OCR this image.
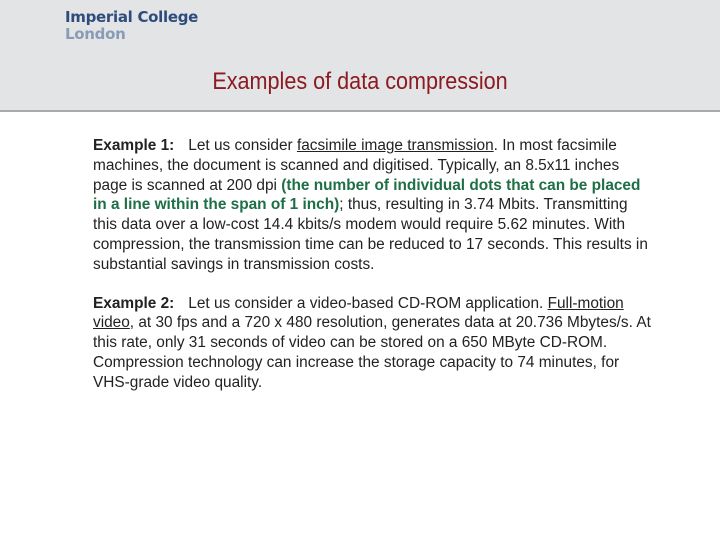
Imperial College
London
Examples of data compression

Example 1: Let us consider facsimile image transmission. In most facsimile machines, the document is scanned and digitised. Typically, an 8.5x11 inches page is scanned at 200 dpi (the number of individual dots that can be placed in a line within the span of 1 inch); thus, resulting in 3.74 Mbits. Transmitting this data over a low-cost 14.4 kbits/s modem would require 5.62 minutes. With compression, the transmission time can be reduced to 17 seconds. This results in substantial savings in transmission costs.

Example 2: Let us consider a video-based CD-ROM application. Full-motion video, at 30 fps and a 720 x 480 resolution, generates data at 20.736 Mbytes/s. At this rate, only 31 seconds of video can be stored on a 650 MByte CD-ROM. Compression technology can increase the storage capacity to 74 minutes, for VHS-grade video quality.
